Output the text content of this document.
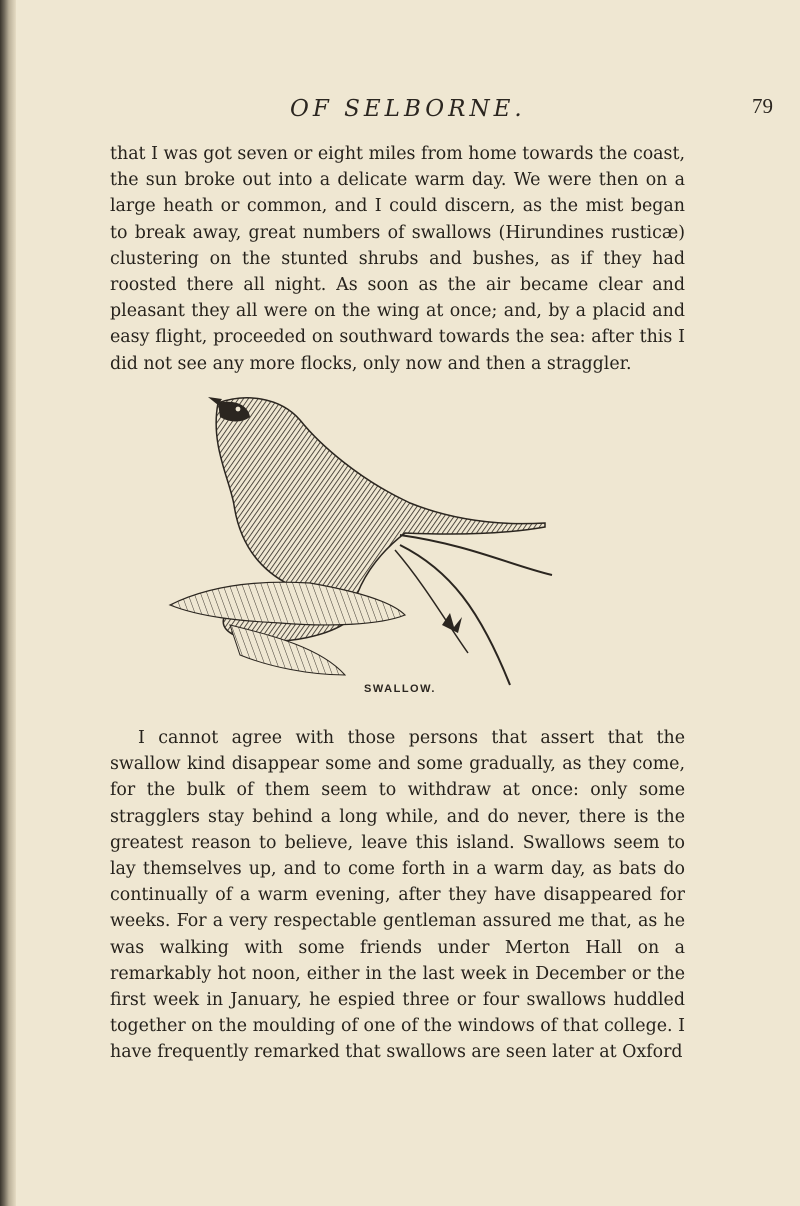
OF SELBORNE.	79

that I was got seven or eight miles from home towards the coast, the sun broke out into a delicate warm day. We were then on a large heath or common, and I could discern, as the mist began to break away, great numbers of swallows (Hirundines rusticæ) clustering on the stunted shrubs and bushes, as if they had roosted there all night. As soon as the air became clear and pleasant they all were on the wing at once; and, by a placid and easy flight, proceeded on southward towards the sea: after this I did not see any more flocks, only now and then a straggler.

SWALLOW.

I cannot agree with those persons that assert that the swallow kind disappear some and some gradually, as they come, for the bulk of them seem to withdraw at once: only some stragglers stay behind a long while, and do never, there is the greatest reason to believe, leave this island. Swallows seem to lay themselves up, and to come forth in a warm day, as bats do continually of a warm evening, after they have disappeared for weeks. For a very respectable gentleman assured me that, as he was walking with some friends under Merton Hall on a remarkably hot noon, either in the last week in December or the first week in January, he espied three or four swallows huddled together on the moulding of one of the windows of that college. I have frequently remarked that swallows are seen later at Oxford
